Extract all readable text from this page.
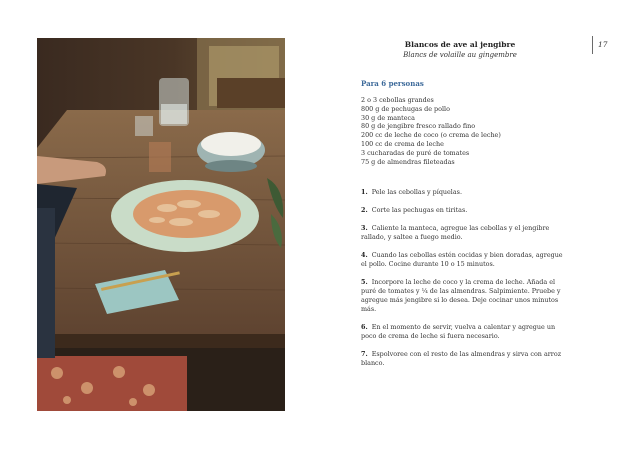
Blancos de ave al jengibre
Blancs de volaille au gingembre
17
Para 6 personas
2 o 3 cebollas grandes
800 g de pechugas de pollo
30 g de manteca
80 g de jengibre fresco rallado fino
200 cc de leche de coco (o crema de leche)
100 cc de crema de leche
3 cucharadas de puré de tomates
75 g de almendras fileteadas
1. Pele las cebollas y píquelas.
2. Corte las pechugas en tiritas.
3. Caliente la manteca, agregue las cebollas y el jengibre rallado, y saltee a fuego medio.
4. Cuando las cebollas estén cocidas y bien doradas, agregue el pollo. Cocine durante 10 o 15 minutos.
5. Incorpore la leche de coco y la crema de leche. Añada el puré de tomates y ¼ de las almendras. Salpimiente. Pruebe y agregue más jengibre si lo desea. Deje cocinar unos minutos más.
6. En el momento de servir, vuelva a calentar y agregue un poco de crema de leche si fuera necesario.
7. Espolvoree con el resto de las almendras y sirva con arroz blanco.
